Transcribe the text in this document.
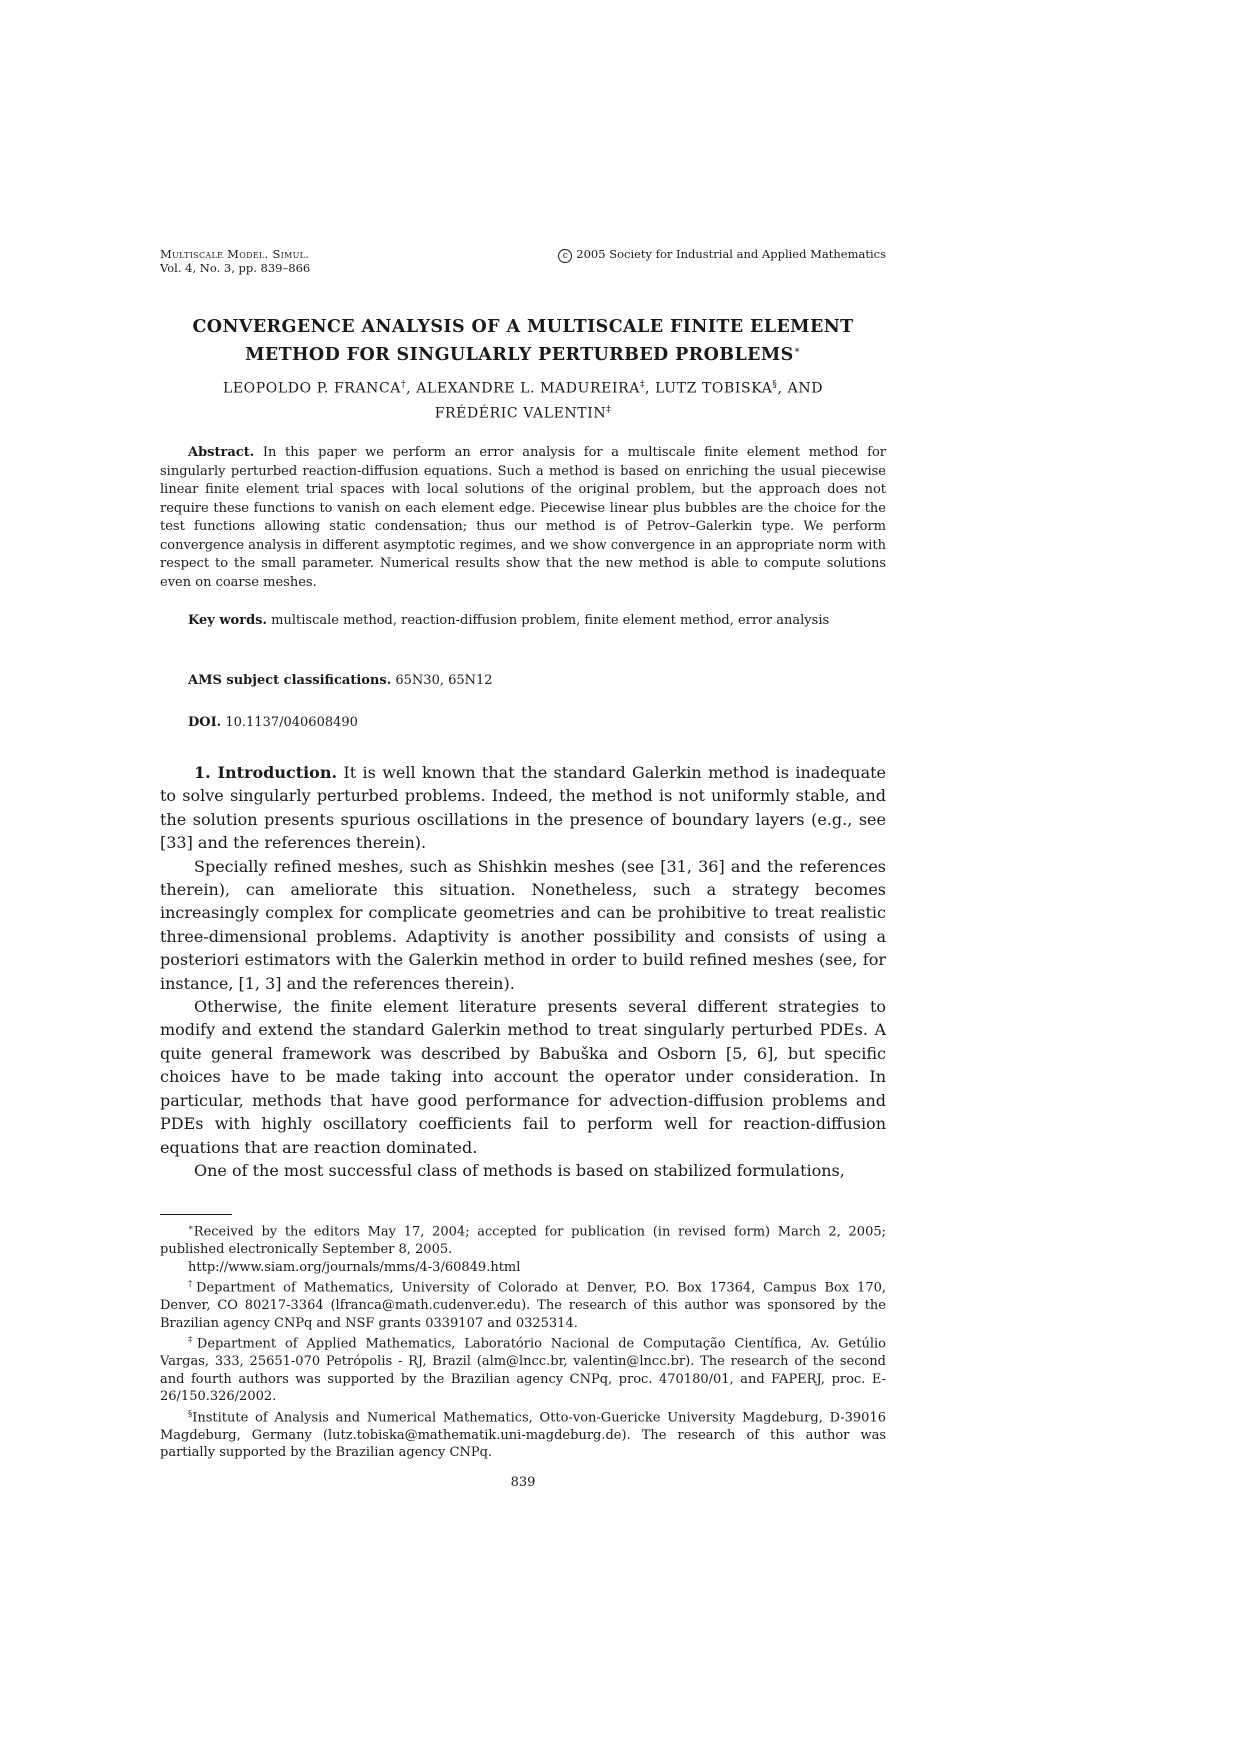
Multiscale Model. Simul.
Vol. 4, No. 3, pp. 839–866
c 2005 Society for Industrial and Applied Mathematics
CONVERGENCE ANALYSIS OF A MULTISCALE FINITE ELEMENT
METHOD FOR SINGULARLY PERTURBED PROBLEMS∗
LEOPOLDO P. FRANCA†, ALEXANDRE L. MADUREIRA‡, LUTZ TOBISKA§, AND
FRÉDÉRIC VALENTIN‡
Abstract. In this paper we perform an error analysis for a multiscale finite element method for singularly perturbed reaction-diffusion equations. Such a method is based on enriching the usual piecewise linear finite element trial spaces with local solutions of the original problem, but the approach does not require these functions to vanish on each element edge. Piecewise linear plus bubbles are the choice for the test functions allowing static condensation; thus our method is of Petrov–Galerkin type. We perform convergence analysis in different asymptotic regimes, and we show convergence in an appropriate norm with respect to the small parameter. Numerical results show that the new method is able to compute solutions even on coarse meshes.
Key words. multiscale method, reaction-diffusion problem, finite element method, error analysis
AMS subject classifications. 65N30, 65N12
DOI. 10.1137/040608490

1. Introduction. It is well known that the standard Galerkin method is inadequate to solve singularly perturbed problems. Indeed, the method is not uniformly stable, and the solution presents spurious oscillations in the presence of boundary layers (e.g., see [33] and the references therein).

Specially refined meshes, such as Shishkin meshes (see [31, 36] and the references therein), can ameliorate this situation. Nonetheless, such a strategy becomes increasingly complex for complicate geometries and can be prohibitive to treat realistic three-dimensional problems. Adaptivity is another possibility and consists of using a posteriori estimators with the Galerkin method in order to build refined meshes (see, for instance, [1, 3] and the references therein).

Otherwise, the finite element literature presents several different strategies to modify and extend the standard Galerkin method to treat singularly perturbed PDEs. A quite general framework was described by Babuška and Osborn [5, 6], but specific choices have to be made taking into account the operator under consideration. In particular, methods that have good performance for advection-diffusion problems and PDEs with highly oscillatory coefficients fail to perform well for reaction-diffusion equations that are reaction dominated.

One of the most successful class of methods is based on stabilized formulations,

∗Received by the editors May 17, 2004; accepted for publication (in revised form) March 2, 2005; published electronically September 8, 2005.

http://www.siam.org/journals/mms/4-3/60849.html

†Department of Mathematics, University of Colorado at Denver, P.O. Box 17364, Campus Box 170, Denver, CO 80217-3364 (lfranca@math.cudenver.edu). The research of this author was sponsored by the Brazilian agency CNPq and NSF grants 0339107 and 0325314.

‡Department of Applied Mathematics, Laboratório Nacional de Computação Científica, Av. Getúlio Vargas, 333, 25651-070 Petrópolis - RJ, Brazil (alm@lncc.br, valentin@lncc.br). The research of the second and fourth authors was supported by the Brazilian agency CNPq, proc. 470180/01, and FAPERJ, proc. E-26/150.326/2002.

§Institute of Analysis and Numerical Mathematics, Otto-von-Guericke University Magdeburg, D-39016 Magdeburg, Germany (lutz.tobiska@mathematik.uni-magdeburg.de). The research of this author was partially supported by the Brazilian agency CNPq.

839
